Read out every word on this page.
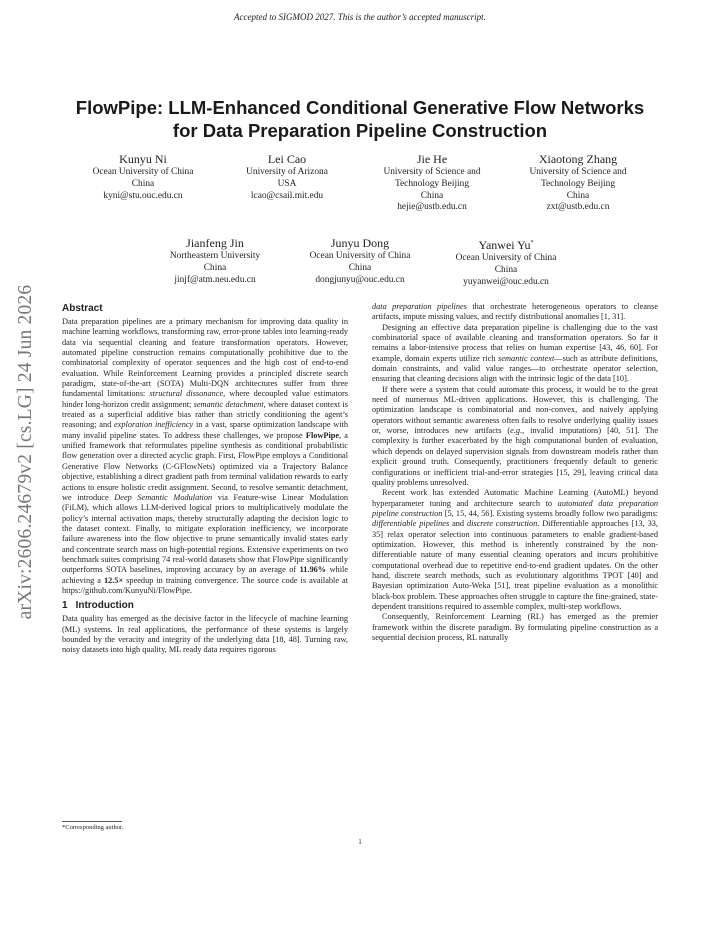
Accepted to SIGMOD 2027. This is the author’s accepted manuscript.
arXiv:2606.24679v2 [cs.LG] 24 Jun 2026
FlowPipe: LLM-Enhanced Conditional Generative Flow Networks
for Data Preparation Pipeline Construction
Kunyu Ni
Ocean University of China
China
kyni@stu.ouc.edu.cn
Lei Cao
University of Arizona
USA
lcao@csail.mit.edu
Jie He
University of Science and
Technology Beijing
China
hejie@ustb.edu.cn
Xiaotong Zhang
University of Science and
Technology Beijing
China
zxt@ustb.edu.cn
Jianfeng Jin
Northeastern University
China
jinjf@atm.neu.edu.cn
Junyu Dong
Ocean University of China
China
dongjunyu@ouc.edu.cn
Yanwei Yu*
Ocean University of China
China
yuyanwei@ouc.edu.cn
Abstract

Data preparation pipelines are a primary mechanism for improving data quality in machine learning workflows, transforming raw, error-prone tables into learning-ready data via sequential cleaning and feature transformation operators. However, automated pipeline construction remains computationally prohibitive due to the combinatorial complexity of operator sequences and the high cost of end-to-end evaluation. While Reinforcement Learning provides a principled discrete search paradigm, state-of-the-art (SOTA) Multi-DQN architectures suffer from three fundamental limitations: structural dissonance, where decoupled value estimators hinder long-horizon credit assignment; semantic detachment, where dataset context is treated as a superficial additive bias rather than strictly conditioning the agent’s reasoning; and exploration inefficiency in a vast, sparse optimization landscape with many invalid pipeline states. To address these challenges, we propose FlowPipe, a unified framework that reformulates pipeline synthesis as conditional probabilistic flow generation over a directed acyclic graph. First, FlowPipe employs a Conditional Generative Flow Networks (C-GFlowNets) optimized via a Trajectory Balance objective, establishing a direct gradient path from terminal validation rewards to early actions to ensure holistic credit assignment. Second, to resolve semantic detachment, we introduce Deep Semantic Modulation via Feature-wise Linear Modulation (FiLM), which allows LLM-derived logical priors to multiplicatively modulate the policy’s internal activation maps, thereby structurally adapting the decision logic to the dataset context. Finally, to mitigate exploration inefficiency, we incorporate failure awareness into the flow objective to prune semantically invalid states early and concentrate search mass on high-potential regions. Extensive experiments on two benchmark suites comprising 74 real-world datasets show that FlowPipe significantly outperforms SOTA baselines, improving accuracy by an average of 11.96% while achieving a 12.5× speedup in training convergence. The source code is available at https://github.com/KunyuNi/FlowPipe.

1 Introduction

Data quality has emerged as the decisive factor in the lifecycle of machine learning (ML) systems. In real applications, the performance of these systems is largely bounded by the veracity and integrity of the underlying data [18, 48]. Turning raw, noisy datasets into high quality, ML ready data requires rigorous

data preparation pipelines that orchestrate heterogeneous operators to cleanse artifacts, impute missing values, and rectify distributional anomalies [1, 31].

Designing an effective data preparation pipeline is challenging due to the vast combinatorial space of available cleaning and transformation operators. So far it remains a labor-intensive process that relies on human expertise [43, 46, 60]. For example, domain experts utilize rich semantic context—such as attribute definitions, domain constraints, and valid value ranges—to orchestrate operator selection, ensuring that cleaning decisions align with the intrinsic logic of the data [10].

If there were a system that could automate this process, it would be to the great need of numerous ML-driven applications. However, this is challenging. The optimization landscape is combinatorial and non-convex, and naively applying operators without semantic awareness often fails to resolve underlying quality issues or, worse, introduces new artifacts (e.g., invalid imputations) [40, 51]. The complexity is further exacerbated by the high computational burden of evaluation, which depends on delayed supervision signals from downstream models rather than explicit ground truth. Consequently, practitioners frequently default to generic configurations or inefficient trial-and-error strategies [15, 29], leaving critical data quality problems unresolved.

Recent work has extended Automatic Machine Learning (AutoML) beyond hyperparameter tuning and architecture search to automated data preparation pipeline construction [5, 15, 44, 56]. Existing systems broadly follow two paradigms: differentiable pipelines and discrete construction. Differentiable approaches [13, 33, 35] relax operator selection into continuous parameters to enable gradient-based optimization. However, this method is inherently constrained by the non-differentiable nature of many essential cleaning operators and incurs prohibitive computational overhead due to repetitive end-to-end gradient updates. On the other hand, discrete search methods, such as evolutionary algorithms TPOT [40] and Bayesian optimization Auto-Weka [51], treat pipeline evaluation as a monolithic black-box problem. These approaches often struggle to capture the fine-grained, state-dependent transitions required to assemble complex, multi-step workflows.

Consequently, Reinforcement Learning (RL) has emerged as the premier framework within the discrete paradigm. By formulating pipeline construction as a sequential decision process, RL naturally

*Corresponding author.
1
